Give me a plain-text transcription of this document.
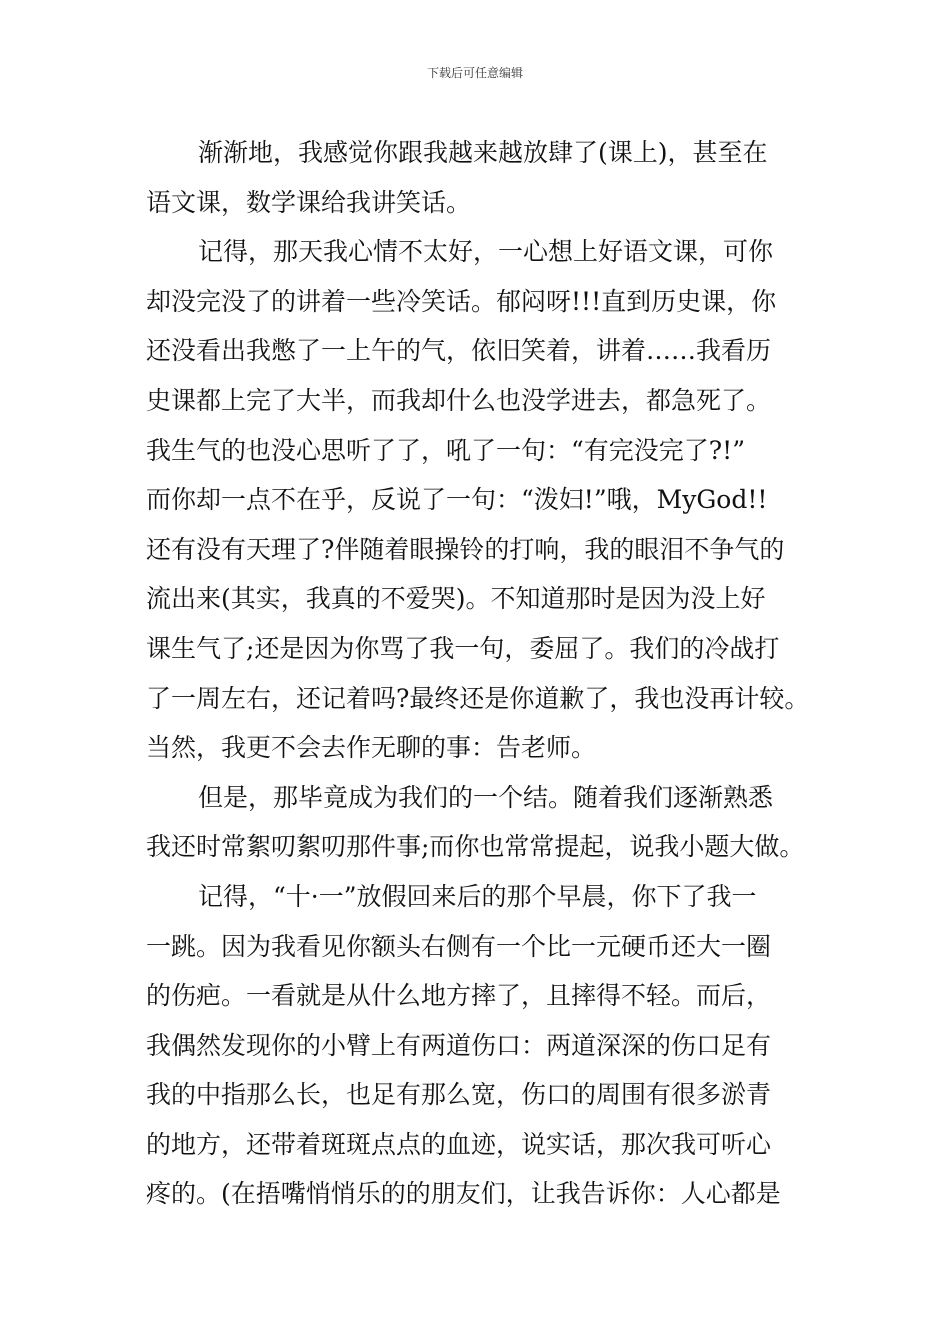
下载后可任意编辑
渐渐地，我感觉你跟我越来越放肆了(课上)，甚至在
语文课，数学课给我讲笑话。
记得，那天我心情不太好，一心想上好语文课，可你
却没完没了的讲着一些冷笑话。郁闷呀!!!直到历史课，你
还没看出我憋了一上午的气，依旧笑着，讲着……我看历
史课都上完了大半，而我却什么也没学进去，都急死了。
我生气的也没心思听了了，吼了一句：“有完没完了?!”
而你却一点不在乎，反说了一句：“泼妇!”哦，MyGod!!
还有没有天理了?伴随着眼操铃的打响，我的眼泪不争气的
流出来(其实，我真的不爱哭)。不知道那时是因为没上好
课生气了;还是因为你骂了我一句，委屈了。我们的冷战打
了一周左右，还记着吗?最终还是你道歉了，我也没再计较。
当然，我更不会去作无聊的事：告老师。
但是，那毕竟成为我们的一个结。随着我们逐渐熟悉
我还时常絮叨絮叨那件事;而你也常常提起，说我小题大做。
记得，“十·一”放假回来后的那个早晨，你下了我一
一跳。因为我看见你额头右侧有一个比一元硬币还大一圈
的伤疤。一看就是从什么地方摔了，且摔得不轻。而后，
我偶然发现你的小臂上有两道伤口：两道深深的伤口足有
我的中指那么长，也足有那么宽，伤口的周围有很多淤青
的地方，还带着斑斑点点的血迹，说实话，那次我可听心
疼的。(在捂嘴悄悄乐的的朋友们，让我告诉你：人心都是
